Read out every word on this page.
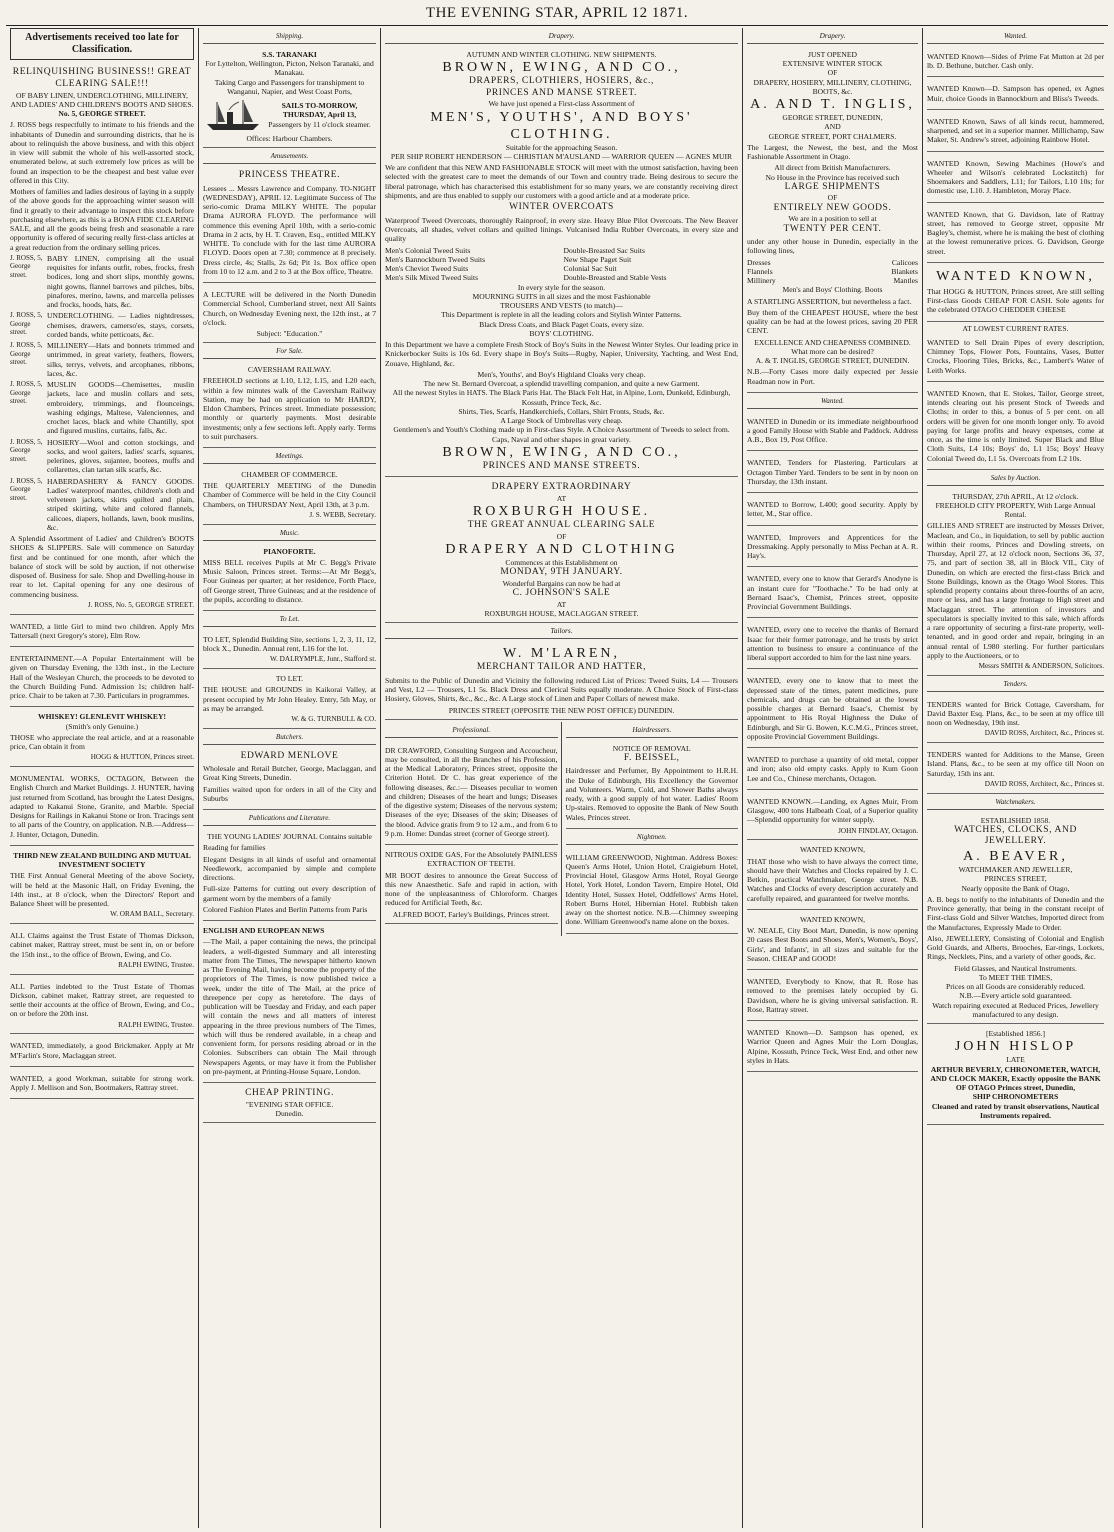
THE EVENING STAR, APRIL 12 1871.
Advertisements received too late for Classification.
RELINQUISHING BUSINESS!! GREAT CLEARING SALE!!!
OF BABY LINEN, UNDERCLOTHING, MILLINERY, AND LADIES' AND CHILDREN'S BOOTS AND SHOES.
No. 5, GEORGE STREET.

J. ROSS begs respectfully to intimate to his friends and the inhabitants of Dunedin and surrounding districts, that he is about to relinquish the above business, and with this object in view will submit the whole of his well-assorted stock, enumerated below, at such extremely low prices as will be found an inspection to be the cheapest and best value ever offered in this City.

Mothers of families and ladies desirous of laying in a supply of the above goods for the approaching winter season will find it greatly to their advantage to inspect this stock before purchasing elsewhere, as this is a BONA FIDE CLEARING SALE, and all the goods being fresh and seasonable a rare opportunity is offered of securing really first-class articles at a great reduction from the ordinary selling prices.

J. ROSS, 5, George street.
BABY LINEN, comprising all the usual requisites for infants outfit, robes, frocks, fresh bodices, long and short slips, monthly gowns, night gowns, flannel barrows and pilches, bibs, pinafores, merino, lawns, and marcella pelisses and frocks, hoods, hats, &c.
J. ROSS, 5, George street.
UNDERCLOTHING. — Ladies nightdresses, chemises, drawers, camerso'es, stays, corsets, corded bands, white petticoats, &c.
J. ROSS, 5, George street.
MILLINERY—Hats and bonnets trimmed and untrimmed, in great variety, feathers, flowers, silks, terrys, velvets, and arcophanes, ribbons, laces, &c.
J. ROSS, 5, George street.
MUSLIN GOODS—Chemisettes, muslin jackets, lace and muslin collars and sets, embroidery, trimmings, and flounceings, washing edgings, Maltese, Valenciennes, and crochet laces, black and white Chantilly, spot and figured muslins, curtains, falls, &c.
J. ROSS, 5, George street.
HOSIERY—Wool and cotton stockings, and socks, and wool gaiters, ladies' scarfs, squares, pelerines, gloves, sujantee, bootees, muffs and collarettes, clan tartan silk scarfs, &c.
J. ROSS, 5, George street.
HABERDASHERY & FANCY GOODS. Ladies' waterproof mantles, children's cloth and velveteen jackets, skirts quilted and plain, striped skirting, white and colored flannels, calicoes, diapers, hollands, lawn, book muslins, &c.

A Splendid Assortment of Ladies' and Children's BOOTS SHOES & SLIPPERS. Sale will commence on Saturday first and be continued for one month, after which the balance of stock will be sold by auction, if not otherwise disposed of. Business for sale. Shop and Dwelling-house in rear to let. Capital opening for any one desirous of commencing business.

J. ROSS, No. 5, GEORGE STREET.

WANTED, a little Girl to mind two children. Apply Mrs Tattersall (next Gregory's store), Elm Row.

ENTERTAINMENT.—A Popular Entertainment will be given on Thursday Evening, the 13th inst., in the Lecture Hall of the Wesleyan Church, the proceeds to be devoted to the Church Building Fund. Admission 1s; children half-price. Chair to be taken at 7.30. Particulars in programmes.

WHISKEY! GLENLEVIT WHISKEY!
(Smith's only Genuine.)

THOSE who appreciate the real article, and at a reasonable price, Can obtain it from

HOGG & HUTTON, Princes street.

MONUMENTAL WORKS, OCTAGON, Between the English Church and Market Buildings. J. HUNTER, having just returned from Scotland, has brought the Latest Designs, adapted to Kakanui Stone, Granite, and Marble. Special Designs for Railings in Kakanui Stone or Iron. Tracings sent to all parts of the Country, on application. N.B.—Address—J. Hunter, Octagon, Dunedin.

THIRD NEW ZEALAND BUILDING AND MUTUAL INVESTMENT SOCIETY

THE First Annual General Meeting of the above Society, will be held at the Masonic Hall, on Friday Evening, the 14th inst., at 8 o'clock, when the Directors' Report and Balance Sheet will be presented.

W. ORAM BALL, Secretary.

ALL Claims against the Trust Estate of Thomas Dickson, cabinet maker, Rattray street, must be sent in, on or before the 15th inst., to the office of Brown, Ewing, and Co.

RALPH EWING, Trustee.

ALL Parties indebted to the Trust Estate of Thomas Dickson, cabinet maker, Rattray street, are requested to settle their accounts at the office of Brown, Ewing, and Co., on or before the 20th inst.

RALPH EWING, Trustee.

WANTED, immediately, a good Brickmaker. Apply at Mr M'Farlin's Store, Maclaggan street.

WANTED, a good Workman, suitable for strong work. Apply J. Mellison and Son, Bootmakers, Rattray street.

Shipping.
S.S. TARANAKI
For Lyttelton, Wellington, Picton, Nelson Taranaki, and Manakau.
Taking Cargo and Passengers for transhipment to Wanganui, Napier, and West Coast Ports,
SAILS TO-MORROW, THURSDAY, April 13,
Passengers by 11 o'clock steamer.
Offices: Harbour Chambers.
Amusements.
PRINCESS THEATRE.

Lessees ... Messrs Lawrence and Company. TO-NIGHT (WEDNESDAY), APRIL 12. Legitimate Success of The serio-comic Drama MILKY WHITE. The popular Drama AURORA FLOYD. The performance will commence this evening April 10th, with a serio-comic Drama in 2 acts, by H. T. Craven, Esq., entitled MILKY WHITE. To conclude with for the last time AURORA FLOYD. Doors open at 7.30; commence at 8 precisely. Dress circle, 4s; Stalls, 2s 6d; Pit 1s. Box office open from 10 to 12 a.m. and 2 to 3 at the Box office, Theatre.

A LECTURE will be delivered in the North Dunedin Commercial School, Cumberland street, next All Saints Church, on Wednesday Evening next, the 12th inst., at 7 o'clock.

Subject: "Education."
For Sale.
CAVERSHAM RAILWAY.

FREEHOLD sections at L10, L12, L15, and L20 each, within a few minutes walk of the Caversham Railway Station, may be had on application to Mr HARDY, Eldon Chambers, Princes street. Immediate possession; monthly or quarterly payments. Most desirable investments; only a few sections left. Apply early. Terms to suit purchasers.

Meetings.
CHAMBER OF COMMERCE.

THE QUARTERLY MEETING of the Dunedin Chamber of Commerce will be held in the City Council Chambers, on THURSDAY Next, April 13th, at 3 p.m.

J. S. WEBB, Secretary.
Music.
PIANOFORTE.

MISS BELL receives Pupils at Mr C. Begg's Private Music Saloon, Princes street. Terms:—At Mr Begg's, Four Guineas per quarter; at her residence, Forth Place, off George street, Three Guineas; and at the residence of the pupils, according to distance.

To Let.

TO LET, Splendid Building Site, sections 1, 2, 3, 11, 12, block X., Dunedin. Annual rent, L16 for the lot.

W. DALRYMPLE, Junr., Stafford st.
TO LET.

THE HOUSE and GROUNDS in Kaikorai Valley, at present occupied by Mr John Healey. Entry, 5th May, or as may be arranged.

W. & G. TURNBULL & CO.
Butchers.
EDWARD MENLOVE

Wholesale and Retail Butcher, George, Maclaggan, and Great King Streets, Dunedin.

Families waited upon for orders in all of the City and Suburbs

Publications and Literature.
THE YOUNG LADIES' JOURNAL Contains suitable

Reading for families

Elegant Designs in all kinds of useful and ornamental Needlework, accompanied by simple and complete directions.

Full-size Patterns for cutting out every description of garment worn by the members of a family

Colored Fashion Plates and Berlin Patterns from Paris

ENGLISH AND EUROPEAN NEWS

—The Mail, a paper containing the news, the principal leaders, a well-digested Summary and all interesting matter from The Times, The newspaper hitherto known as The Evening Mail, having become the property of the proprietors of The Times, is now published twice a week, under the title of The Mail, at the price of threepence per copy as heretofore. The days of publication will be Tuesday and Friday, and each paper will contain the news and all matters of interest appearing in the three previous numbers of The Times, which will thus be rendered available, in a cheap and convenient form, for persons residing abroad or in the Colonies. Subscribers can obtain The Mail through Newspapers Agents, or may have it from the Publisher on pre-payment, at Printing-House Square, London.

CHEAP PRINTING.
"EVENING STAR OFFICE.
Dunedin.
Drapery.
AUTUMN AND WINTER CLOTHING. NEW SHIPMENTS.
BROWN, EWING, AND CO.,
DRAPERS, CLOTHIERS, HOSIERS, &c.,
PRINCES AND MANSE STREET.
We have just opened a First-class Assortment of
MEN'S, YOUTHS', AND BOYS' CLOTHING.
Suitable for the approaching Season.
PER SHIP ROBERT HENDERSON — CHRISTIAN M'AUSLAND — WARRIOR QUEEN — AGNES MUIR

We are confident that this NEW AND FASHIONABLE STOCK will meet with the utmost satisfaction, having been selected with the greatest care to meet the demands of our Town and country trade. Being desirous to secure the liberal patronage, which has characterised this establishment for so many years, we are constantly receiving direct shipments, and are thus enabled to supply our customers with a good article and at a moderate price.

WINTER OVERCOATS

Waterproof Tweed Overcoats, thoroughly Rainproof, in every size. Heavy Blue Pilot Overcoats. The New Beaver Overcoats, all shades, velvet collars and quilted linings. Vulcanised India Rubber Overcoats, in every size and quality

Men's Colonial Tweed Suits
Men's Bannockburn Tweed Suits
Men's Cheviot Tweed Suits
Men's Silk Mixed Tweed Suits
Double-Breasted Sac Suits
New Shape Paget Suit
Colonial Sac Suit
Double-Breasted and Stable Vests
In every style for the season.
MOURNING SUITS in all sizes and the most Fashionable
TROUSERS AND VESTS (to match)—
This Department is replete in all the leading colors and Stylish Winter Patterns.
Black Dress Coats, and Black Paget Coats, every size.
BOYS' CLOTHING.

In this Department we have a complete Fresh Stock of Boy's Suits in the Newest Winter Styles. Our leading price in Knickerbocker Suits is 10s 6d. Every shape in Boy's Suits—Rugby, Napier, University, Yachting, and West End, Zouave, Highland, &c.

Men's, Youths', and Boy's Highland Cloaks very cheap.
The new St. Bernard Overcoat, a splendid travelling companion, and quite a new Garment.
All the newest Styles in HATS. The Black Paris Hat. The Black Felt Hat, in Alpine, Lorn, Dunkeld, Edinburgh, Kossuth, Prince Teck, &c.
Shirts, Ties, Scarfs, Handkerchiefs, Collars, Shirt Fronts, Studs, &c.
A Large Stock of Umbrellas very cheap.
Gentlemen's and Youth's Clothing made up in First-class Style. A Choice Assortment of Tweeds to select from.
Caps, Naval and other shapes in great variety.
BROWN, EWING, AND CO.,
PRINCES AND MANSE STREETS.
DRAPERY EXTRAORDINARY
AT
ROXBURGH HOUSE.
THE GREAT ANNUAL CLEARING SALE
OF
DRAPERY AND CLOTHING
Commences at this Establishment on
MONDAY, 9TH JANUARY.
Wonderful Bargains can now be had at
C. JOHNSON'S SALE
AT
ROXBURGH HOUSE, MACLAGGAN STREET.
Tailors.
W. M'LAREN,
MERCHANT TAILOR AND HATTER,

Submits to the Public of Dunedin and Vicinity the following reduced List of Prices: Tweed Suits, L4 — Trousers and Vest, L2 — Trousers, L1 5s. Black Dress and Clerical Suits equally moderate. A Choice Stock of First-class Hosiery, Gloves, Shirts, &c., &c., &c. A Large stock of Linen and Paper Collars of newest make.

PRINCES STREET (OPPOSITE THE NEW POST OFFICE) DUNEDIN.
Professional.

DR CRAWFORD, Consulting Surgeon and Accoucheur, may be consulted, in all the Branches of his Profession, at the Medical Laboratory, Princes street, opposite the Criterion Hotel. Dr C. has great experience of the following diseases, &c.:— Diseases peculiar to women and children; Diseases of the heart and lungs; Diseases of the digestive system; Diseases of the nervous system; Diseases of the eye; Diseases of the skin; Diseases of the blood. Advice gratis from 9 to 12 a.m., and from 6 to 9 p.m. Home: Dundas street (corner of George street).

NITROUS OXIDE GAS, For the Absolutely PAINLESS EXTRACTION OF TEETH.

MR BOOT desires to announce the Great Success of this new Anaesthetic. Safe and rapid in action, with none of the unpleasantness of Chloroform. Charges reduced for Artificial Teeth, &c.

ALFRED BOOT, Farley's Buildings, Princes street.
Hairdressers.
NOTICE OF REMOVAL
F. BEISSEL,

Hairdresser and Perfumer, By Appointment to H.R.H. the Duke of Edinburgh, His Excellency the Governor and Volunteers. Warm, Cold, and Shower Baths always ready, with a good supply of hot water. Ladies' Room Up-stairs. Removed to opposite the Bank of New South Wales, Princes street.

Nightmen.

WILLIAM GREENWOOD, Nightman. Address Boxes: Queen's Arms Hotel, Union Hotel, Craigieburn Hotel, Provincial Hotel, Glasgow Arms Hotel, Royal George Hotel, York Hotel, London Tavern, Empire Hotel, Old Identity Hotel, Sussex Hotel, Oddfellows' Arms Hotel, Robert Burns Hotel, Hibernian Hotel. Rubbish taken away on the shortest notice. N.B.—Chimney sweeping done. William Greenwood's name alone on the boxes.

Drapery.
JUST OPENED
EXTENSIVE WINTER STOCK
OF
DRAPERY, HOSIERY, MILLINERY, CLOTHING, BOOTS, &c.
A. AND T. INGLIS,
GEORGE STREET, DUNEDIN,
AND
GEORGE STREET, PORT CHALMERS.

The Largest, the Newest, the best, and the Most Fashionable Assortment in Otago.

All direct from British Manufacturers.
No House in the Province has received such
LARGE SHIPMENTS
OF
ENTIRELY NEW GOODS.
We are in a position to sell at
TWENTY PER CENT.

under any other house in Dunedin, especially in the following lines,

Dresses
Flannels
Millinery
Calicoes
Blankets
Mantles
Men's and Boys' Clothing. Boots

A STARTLING ASSERTION, but nevertheless a fact.

Buy them of the CHEAPEST HOUSE, where the best quality can be had at the lowest prices, saving 20 PER CENT.

EXCELLENCE AND CHEAPNESS COMBINED.
What more can be desired?
A. & T. INGLIS, GEORGE STREET, DUNEDIN.

N.B.—Forty Cases more daily expected per Jessie Readman now in Port.

Wanted.

WANTED in Dunedin or its immediate neighbourhood a good Family House with Stable and Paddock. Address A.B., Box 19, Post Office.

WANTED, Tenders for Plastering. Particulars at Octagon Timber Yard. Tenders to be sent in by noon on Thursday, the 13th instant.

WANTED to Borrow, L400; good security. Apply by letter, M., Star office.

WANTED, Improvers and Apprentices for the Dressmaking. Apply personally to Miss Pechan at A. R. Hay's.

WANTED, every one to know that Gerard's Anodyne is an instant cure for "Toothache." To be had only at Bernard Isaac's, Chemist, Princes street, opposite Provincial Government Buildings.

WANTED, every one to receive the thanks of Bernard Isaac for their former patronage, and he trusts by strict attention to business to ensure a continuance of the liberal support accorded to him for the last nine years.

WANTED, every one to know that to meet the depressed state of the times, patent medicines, pure chemicals, and drugs can be obtained at the lowest possible charges at Bernard Isaac's, Chemist by appointment to His Royal Highness the Duke of Edinburgh, and Sir G. Bowen, K.C.M.G., Princes street, opposite Provincial Government Buildings.

WANTED to purchase a quantity of old metal, copper and iron; also old empty casks. Apply to Kum Goon Lee and Co., Chinese merchants, Octagon.

WANTED KNOWN.—Landing, ex Agnes Muir, From Glasgow, 400 tons Halbeath Coal, of a Superior quality—Splendid opportunity for winter supply.

JOHN FINDLAY, Octagon.
WANTED KNOWN,

THAT those who wish to have always the correct time, should have their Watches and Clocks repaired by J. C. Betkin, practical Watchmaker, George street. N.B. Watches and Clocks of every description accurately and carefully repaired, and guaranteed for twelve months.

WANTED KNOWN,

W. NEALE, City Boot Mart, Dunedin, is now opening 20 cases Best Boots and Shoes, Men's, Women's, Boys', Girls', and Infants', in all sizes and suitable for the Season. CHEAP and GOOD!

WANTED, Everybody to Know, that R. Rose has removed to the premises lately occupied by G. Davidson, where he is giving universal satisfaction. R. Rose, Rattray street.

WANTED Known—D. Sampson has opened, ex Warrior Queen and Agnes Muir the Lorn Douglas, Alpine, Kossuth, Prince Teck, West End, and other new styles in Hats.

Wanted.

WANTED Known—Sides of Prime Fat Mutton at 2d per lb. D. Bethune, butcher. Cash only.

WANTED Known—D. Sampson has opened, ex Agnes Muir, choice Goods in Bannockburn and Bliss's Tweeds.

WANTED Known, Saws of all kinds recut, hammered, sharpened, and set in a superior manner. Millichamp, Saw Maker, St. Andrew's street, adjoining Rainbow Hotel.

WANTED Known, Sewing Machines (Howe's and Wheeler and Wilson's celebrated Lockstitch) for Shoemakers and Saddlers, L11; for Tailors, L10 10s; for domestic use, L10. J. Hambleton, Moray Place.

WANTED Known, that G. Davidson, late of Rattray street, has removed to George street, opposite Mr Bagley's, chemist, where he is making the best of clothing at the lowest remunerative prices. G. Davidson, George street.

WANTED KNOWN,

That HOGG & HUTTON, Princes street, Are still selling First-class Goods CHEAP FOR CASH. Sole agents for the celebrated OTAGO CHEDDER CHEESE

AT LOWEST CURRENT RATES.

WANTED to Sell Drain Pipes of every description, Chimney Tops, Flower Pots, Fountains, Vases, Butter Crocks, Flooring Tiles, Bricks, &c., Lambert's Water of Leith Works.

WANTED Known, that E. Stokes, Tailor, George street, intends clearing out his present Stock of Tweeds and Cloths; in order to this, a bonus of 5 per cent. on all orders will be given for one month longer only. To avoid paying for large profits and heavy expenses, come at once, as the time is only limited. Super Black and Blue Cloth Suits, L4 10s; Boys' do, L1 15s; Boys' Heavy Colonial Tweed do, L1 5s. Overcoats from L2 10s.

Sales by Auction.
THURSDAY, 27th APRIL, At 12 o'clock.
FREEHOLD CITY PROPERTY, With Large Annual Rental.

GILLIES AND STREET are instructed by Messrs Driver, Maclean, and Co., in liquidation, to sell by public auction within their rooms, Princes and Dowling streets, on Thursday, April 27, at 12 o'clock noon, Sections 36, 37, 75, and part of section 38, all in Block VII., City of Dunedin, on which are erected the first-class Brick and Stone Buildings, known as the Otago Wool Stores. This splendid property contains about three-fourths of an acre, more or less, and has a large frontage to High street and Maclaggan street. The attention of investors and speculators is specially invited to this sale, which affords a rare opportunity of securing a first-rate property, well-tenanted, and in good order and repair, bringing in an annual rental of L980 sterling. For further particulars apply to the Auctioneers, or to

Messrs SMITH & ANDERSON, Solicitors.
Tenders.

TENDERS wanted for Brick Cottage, Caversham, for David Baxter Esq. Plans, &c., to be seen at my office till noon on Wednesday, 19th inst.

DAVID ROSS, Architect, &c., Princes st.

TENDERS wanted for Additions to the Manse, Green Island. Plans, &c., to be seen at my office till Noon on Saturday, 15th ins ant.

DAVID ROSS, Architect, &c., Princes st.
Watchmakers.
ESTABLISHED 1858.
WATCHES, CLOCKS, AND JEWELLERY.
A. BEAVER,
WATCHMAKER AND JEWELLER,
PRINCES STREET,
Nearly opposite the Bank of Otago,

A. B. begs to notify to the inhabitants of Dunedin and the Province generally, that being in the constant receipt of First-class Gold and Silver Watches, Imported direct from the Manufactures, Expressly Made to Order.

Also, JEWELLERY, Consisting of Colonial and English Gold Guards, and Alberts, Brooches, Ear-rings, Lockets, Rings, Necklets, Pins, and a variety of other goods, &c.

Field Glasses, and Nautical Instruments.
To MEET THE TIMES,
Prices on all Goods are considerably reduced.
N.B.—Every article sold guaranteed.
Watch repairing executed at Reduced Prices, Jewellery manufactured to any design.
[Established 1856.]
JOHN HISLOP
LATE
ARTHUR BEVERLY, CHRONOMETER, WATCH, AND CLOCK MAKER, Exactly opposite the BANK OF OTAGO Princes street, Dunedin,
SHIP CHRONOMETERS
Cleaned and rated by transit observations, Nautical Instruments repaired.
